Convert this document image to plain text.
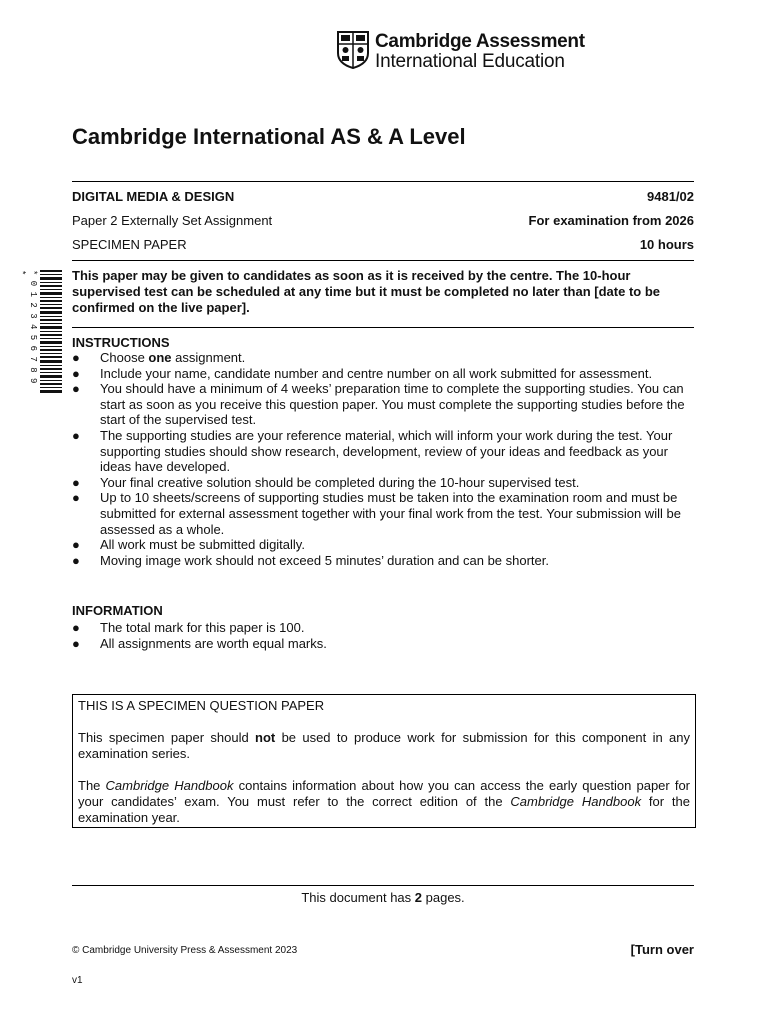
Cambridge Assessment
International Education
Cambridge International AS & A Level
DIGITAL MEDIA & DESIGN	9481/02
Paper 2 Externally Set Assignment	For examination from 2026
SPECIMEN PAPER	10 hours
* 0 1 2 3 4 5 6 7 8 9 *	This paper may be given to candidates as soon as it is received by the centre. The 10-hour supervised test can be scheduled at any time but it must be completed no later than [date to be confirmed on the live paper].
INSTRUCTIONS
● Choose one assignment.
● Include your name, candidate number and centre number on all work submitted for assessment.
● You should have a minimum of 4 weeks’ preparation time to complete the supporting studies. You can start as soon as you receive this question paper. You must complete the supporting studies before the start of the supervised test.
● The supporting studies are your reference material, which will inform your work during the test. Your supporting studies should show research, development, review of your ideas and feedback as your ideas have developed.
● Your final creative solution should be completed during the 10-hour supervised test.
● Up to 10 sheets/screens of supporting studies must be taken into the examination room and must be submitted for external assessment together with your final work from the test. Your submission will be assessed as a whole.
● All work must be submitted digitally.
● Moving image work should not exceed 5 minutes’ duration and can be shorter.
INFORMATION
● The total mark for this paper is 100.
● All assignments are worth equal marks.

THIS IS A SPECIMEN QUESTION PAPER

This specimen paper should not be used to produce work for submission for this component in any examination series.

The Cambridge Handbook contains information about how you can access the early question paper for your candidates’ exam. You must refer to the correct edition of the Cambridge Handbook for the examination year.

This document has 2 pages.
© Cambridge University Press & Assessment 2023	[Turn over
v1
